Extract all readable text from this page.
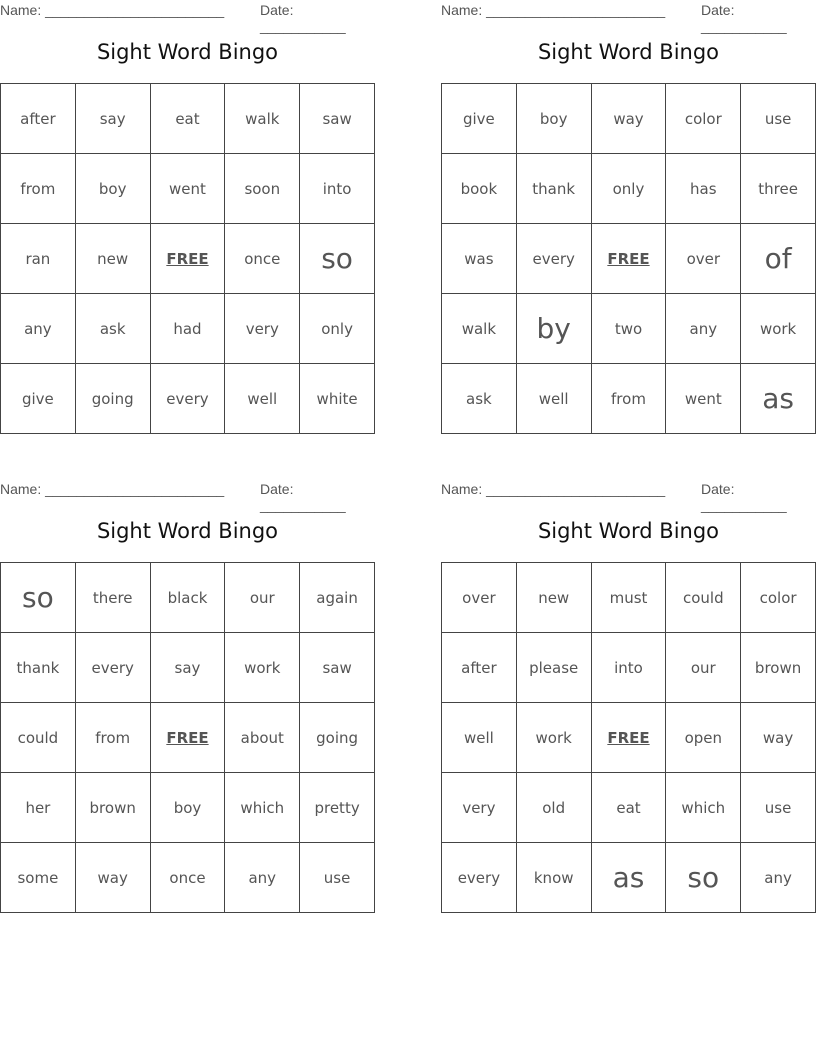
Name: _______________________	Date: ___________
Sight Word Bingo
after	say	eat	walk	saw
from	boy	went	soon	into
ran	new	FREE	once	so
any	ask	had	very	only
give	going	every	well	white
Name: _______________________	Date: ___________
Sight Word Bingo
give	boy	way	color	use
book	thank	only	has	three
was	every	FREE	over	of
walk	by	two	any	work
ask	well	from	went	as
Name: _______________________	Date: ___________
Sight Word Bingo
so	there	black	our	again
thank	every	say	work	saw
could	from	FREE	about	going
her	brown	boy	which	pretty
some	way	once	any	use
Name: _______________________	Date: ___________
Sight Word Bingo
over	new	must	could	color
after	please	into	our	brown
well	work	FREE	open	way
very	old	eat	which	use
every	know	as	so	any
